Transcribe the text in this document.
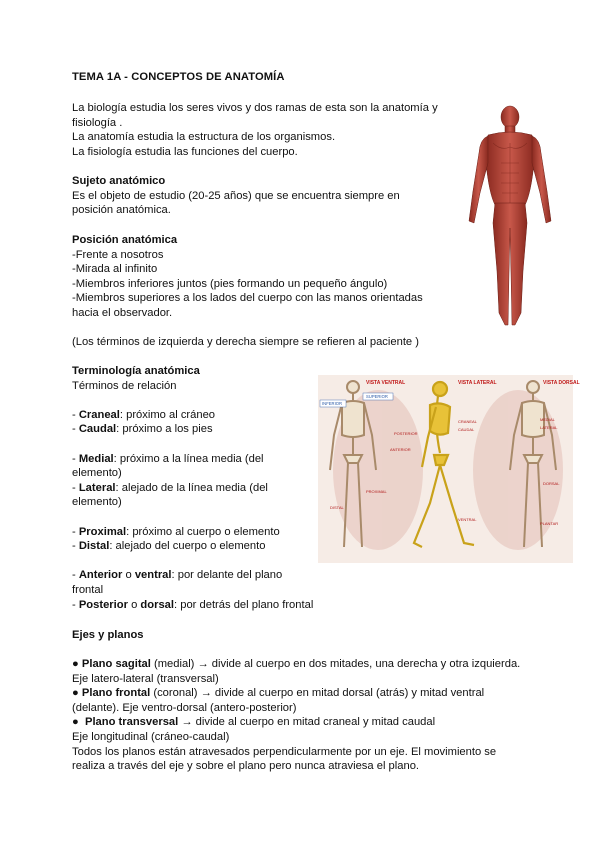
TEMA 1A - CONCEPTOS DE ANATOMÍA

La biología estudia los seres vivos y dos ramas de esta son la anatomía y

fisiología .

La anatomía estudia la estructura de los organismos.

La fisiología estudia las funciones del cuerpo.

Sujeto anatómico

Es el objeto de estudio (20-25 años) que se encuentra siempre en

posición anatómica.

Posición anatómica

-Frente a nosotros

-Mirada al infinito

-Miembros inferiores juntos (pies formando un pequeño ángulo)

-Miembros superiores a los lados del cuerpo con las manos orientadas

hacia el observador.

(Los términos de izquierda y derecha siempre se refieren al paciente )

Terminología anatómica

Términos de relación

- Craneal: próximo al cráneo

- Caudal: próximo a los pies

- Medial: próximo a la línea media (del

elemento)

- Lateral: alejado de la línea media (del

elemento)

- Proximal: próximo al cuerpo o elemento

- Distal: alejado del cuerpo o elemento

- Anterior o ventral: por delante del plano

frontal

- Posterior o dorsal: por detrás del plano frontal

Ejes y planos

● Plano sagital (medial) → divide al cuerpo en dos mitades, una derecha y otra izquierda.

Eje latero-lateral (transversal)

● Plano frontal (coronal) → divide al cuerpo en mitad dorsal (atrás) y mitad ventral

(delante). Eje ventro-dorsal (antero-posterior)

● Plano transversal → divide al cuerpo en mitad craneal y mitad caudal

Eje longitudinal (cráneo-caudal)

Todos los planos están atravesados perpendicularmente por un eje. El movimiento se

realiza a través del eje y sobre el plano pero nunca atraviesa el plano.

VISTA VENTRAL	VISTA LATERAL	VISTA DORSAL
SUPERIOR
INFERIOR
POSTERIOR
CRANEAL
CAUDAL
ANTERIOR
MEDIAL
LATERAL
PROXIMAL
DISTAL
DORSAL
VENTRAL
PLANTAR
